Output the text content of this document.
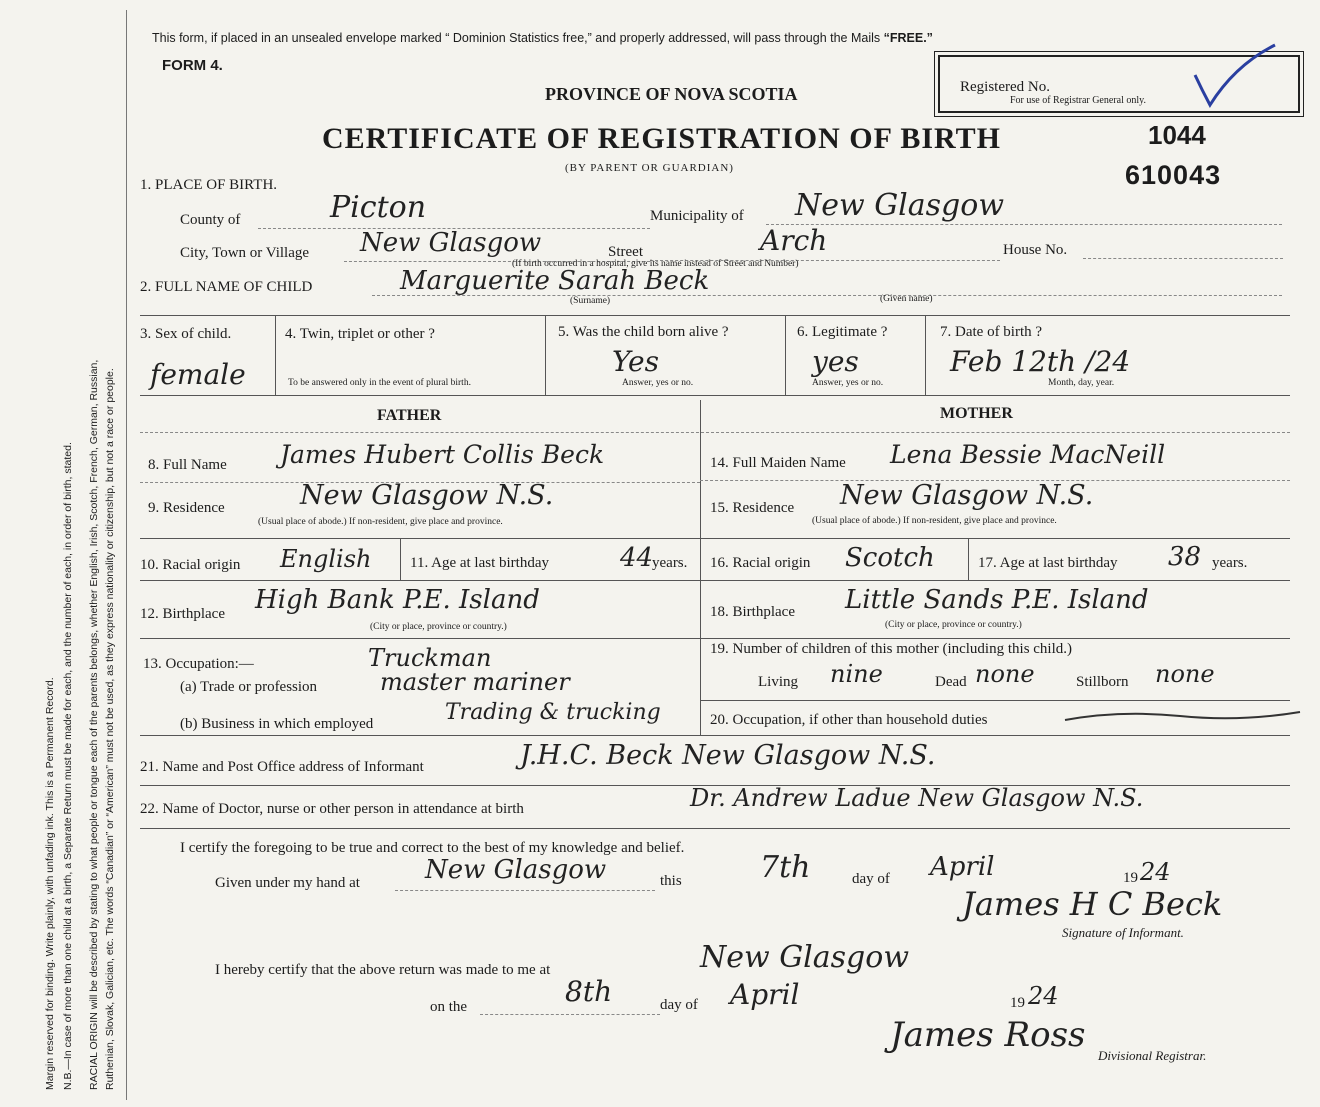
Margin reserved for binding. Write plainly, with unfading ink. This is a Permanent Record. N.B.—In case of more than one child at a birth, a Separate Return must be made for each, and the number of each, in order of birth, stated. RACIAL ORIGIN will be described by stating to what people or tongue each of the parents belongs, whether English, Irish, Scotch, French, German, Russian, Ruthenian, Slovak, Galician, etc. The words “Canadian” or “American” must not be used, as they express nationality or citizenship, but not a race or people.
This form, if placed in an unsealed envelope marked “ Dominion Statistics free,” and properly addressed, will pass through the Mails “FREE.”
FORM 4.
PROVINCE OF NOVA SCOTIA
CERTIFICATE OF REGISTRATION OF BIRTH
(BY PARENT OR GUARDIAN)
Registered No.
For use of Registrar General only.
1044
610043
1. PLACE OF BIRTH.
County of	Picton	Municipality of New Glasgow
City, Town or Village New Glasgow	Street	Arch	House No.
(If birth occurred in a hospital, give its name instead of Street and Number)
2. FULL NAME OF CHILD	Marguerite Sarah Beck
(Surname)	(Given name)
3. Sex of child.
female
4. Twin, triplet or other ?
To be answered only in the event of plural birth.
5. Was the child born alive ?
Yes
Answer, yes or no.
6. Legitimate ?
yes
Answer, yes or no.
7. Date of birth ?
Feb 12th /24
Month, day, year.
FATHER	MOTHER
8. Full Name James Hubert Collis Beck
9. Residence	New Glasgow N.S.
(Usual place of abode.) If non-resident, give place and province.
10. Racial origin English	11. Age at last birthday	44
years.
12. Birthplace High Bank P.E. Island
(City or place, province or country.)
13. Occupation:—	Truckman
(a) Trade or profession	master mariner
(b) Business in which employed	Trading & trucking
14. Full Maiden Name Lena Bessie MacNeill
15. Residence New Glasgow N.S.
(Usual place of abode.) If non-resident, give place and province.
16. Racial origin Scotch	17. Age at last birthday 38 years.
18. Birthplace Little Sands P.E. Island
(City or place, province or country.)
19. Number of children of this mother (including this child.)
Living nine	Dead none	Stillborn none
20. Occupation, if other than household duties
21. Name and Post Office address of Informant	J.H.C. Beck New Glasgow N.S.
22. Name of Doctor, nurse or other person in attendance at birth	Dr. Andrew Ladue New Glasgow N.S.
I certify the foregoing to be true and correct to the best of my knowledge and belief.
Given under my hand at	New Glasgow	this	7th	day of April	19 24
James H C Beck
Signature of Informant.
I hereby certify that the above return was made to me at	New Glasgow
on the	8th	day of April	19 24
James Ross
Divisional Registrar.
